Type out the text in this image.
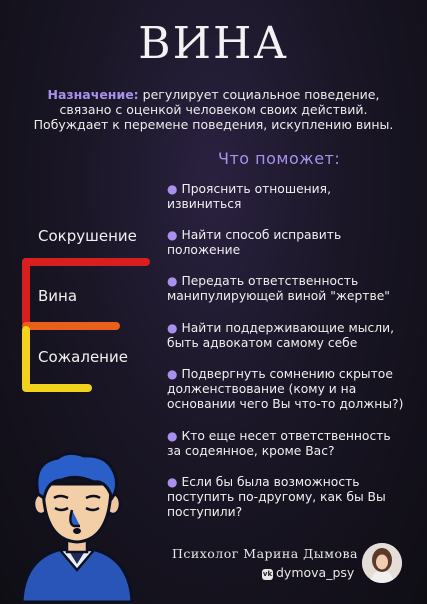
ВИНА
Назначение: регулирует социальное поведение,
связано с оценкой человеком своих действий.
Побуждает к перемене поведения, искуплению вины.
Что поможет:
● Прояснить отношения,
извиниться
● Найти способ исправить
положение
● Передать ответственность
манипулирующей виной "жертве"
● Найти поддерживающие мысли,
быть адвокатом самому себе
● Подвергнуть сомнению скрытое
долженствование (кому и на
основании чего Вы что-то должны?)
● Кто еще несет ответственность
за содеянное, кроме Вас?
● Если бы была возможность
поступить по-другому, как бы Вы
поступили?
Сокрушение
Вина
Сожаление
Психолог Марина Дымова
vk dymova_psy
